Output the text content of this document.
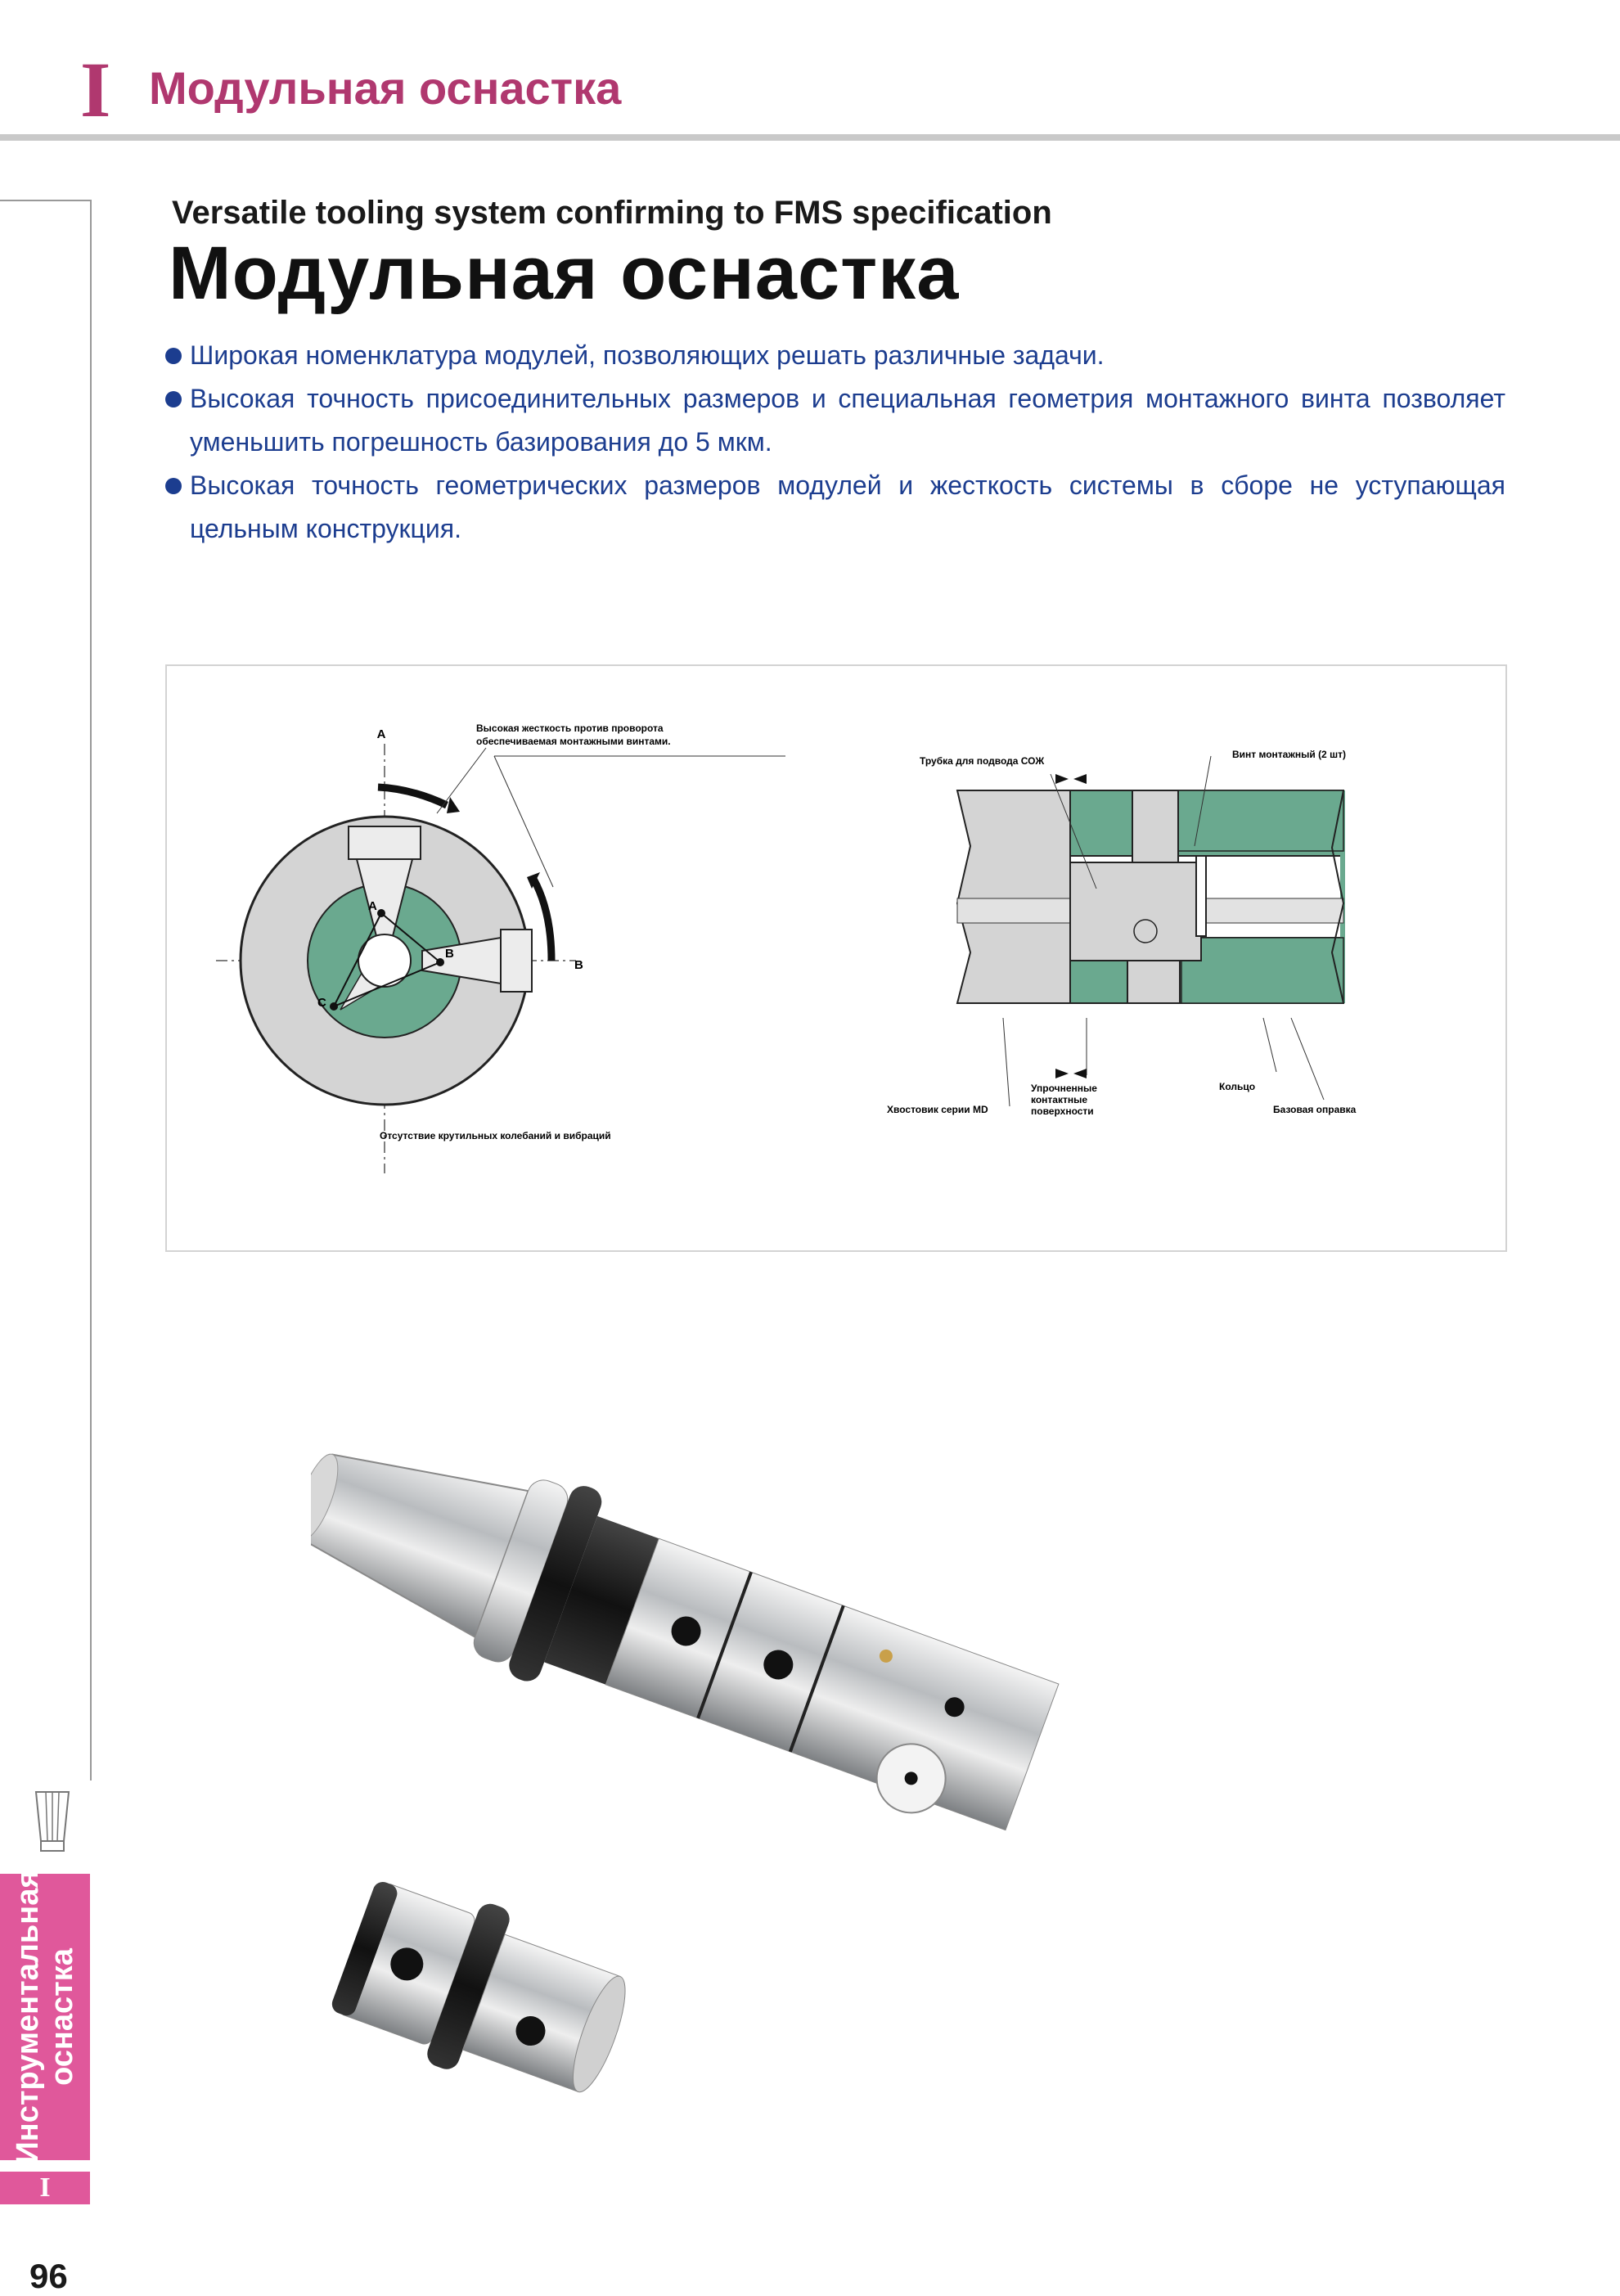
I Модульная оснастка
Versatile tooling system confirming to FMS specification
Модульная оснастка
Широкая номенклатура модулей, позволяющих решать различные задачи.
Высокая точность присоединительных размеров и специальная геометрия монтажного винта позволяет уменьшить погрешность базирования до 5 мкм.
Высокая точность геометрических размеров модулей и жесткость системы в сборе не уступающая цельным конструкция.
A
B
A
B
C
Высокая жесткость против проворота
обеспечиваемая монтажными винтами.
Отсутствие крутильных колебаний и вибраций
Трубка для подвода СОЖ
Винт монтажный (2 шт)
Кольцо
Хвостовик серии MD
Упрочненные
контактные
поверхности	Базовая оправка
Инструментальная оснастка
I
96
